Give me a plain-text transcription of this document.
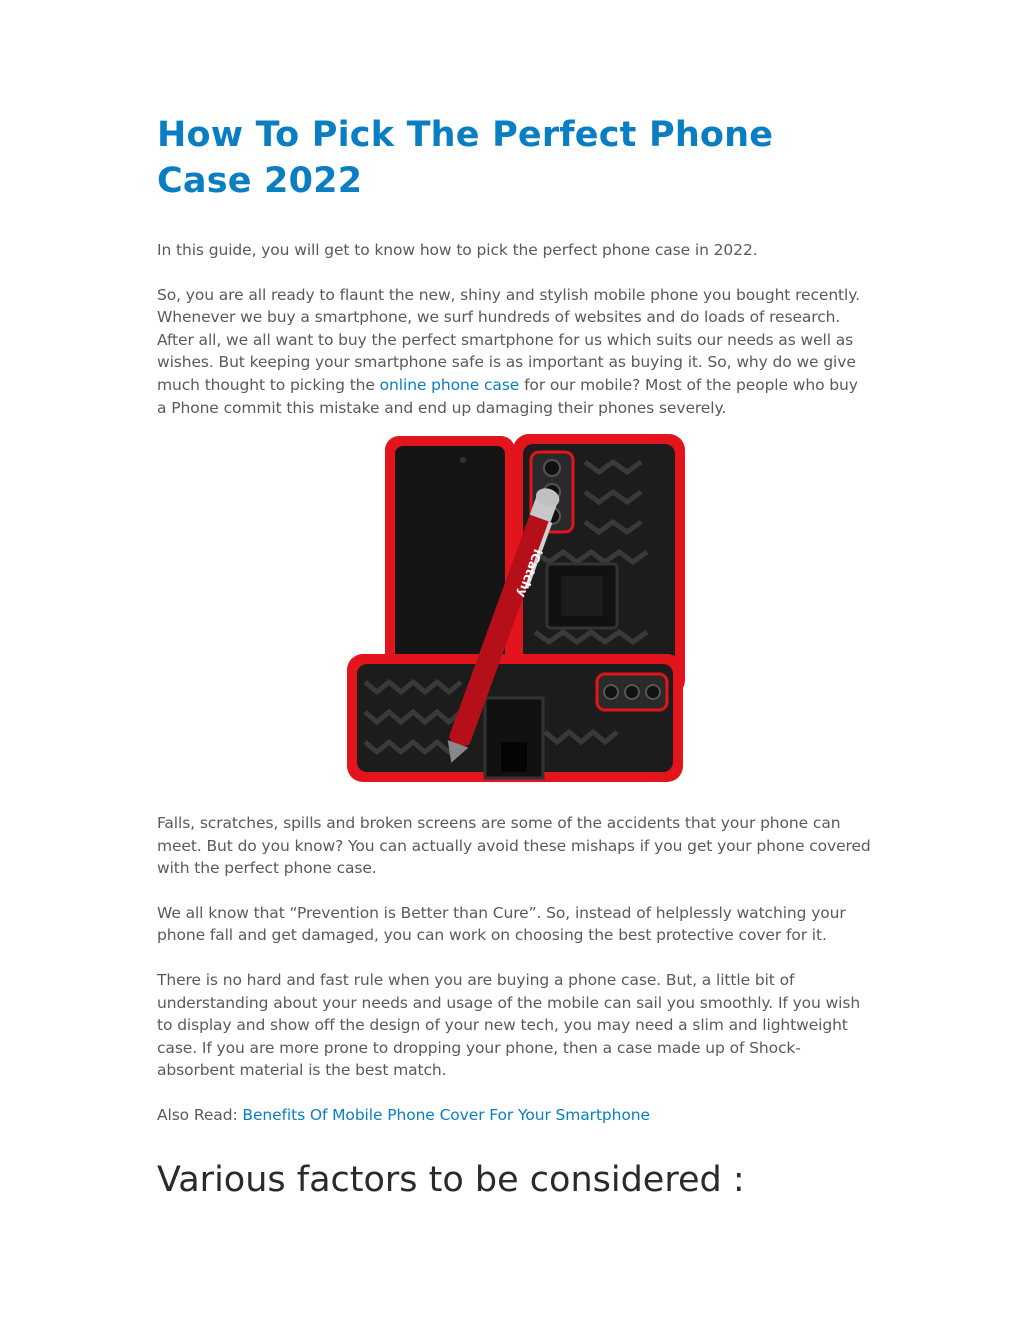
How To Pick The Perfect Phone Case 2022

In this guide, you will get to know how to pick the perfect phone case in 2022.

So, you are all ready to flaunt the new, shiny and stylish mobile phone you bought recently. Whenever we buy a smartphone, we surf hundreds of websites and do loads of research. After all, we all want to buy the perfect smartphone for us which suits our needs as well as wishes. But keeping your smartphone safe is as important as buying it. So, why do we give much thought to picking the online phone case for our mobile? Most of the people who buy a Phone commit this mistake and end up damaging their phones severely.

iCatchy

Falls, scratches, spills and broken screens are some of the accidents that your phone can meet. But do you know? You can actually avoid these mishaps if you get your phone covered with the perfect phone case.

We all know that “Prevention is Better than Cure”. So, instead of helplessly watching your phone fall and get damaged, you can work on choosing the best protective cover for it.

There is no hard and fast rule when you are buying a phone case. But, a little bit of understanding about your needs and usage of the mobile can sail you smoothly. If you wish to display and show off the design of your new tech, you may need a slim and lightweight case. If you are more prone to dropping your phone, then a case made up of Shock-absorbent material is the best match.

Also Read: Benefits Of Mobile Phone Cover For Your Smartphone

Various factors to be considered :
